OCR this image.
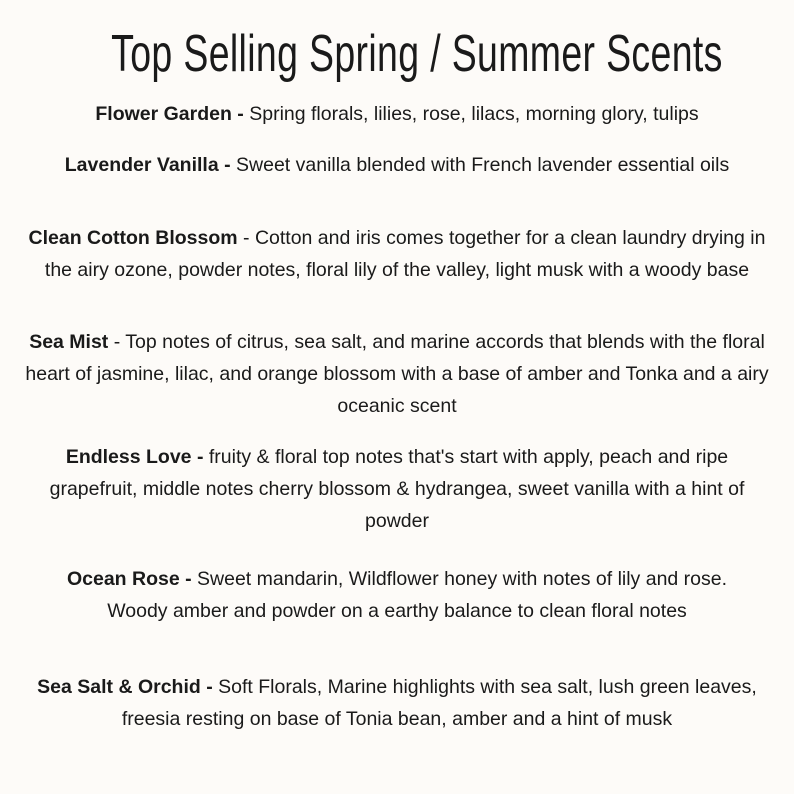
Top Selling Spring / Summer Scents

Flower Garden - Spring florals, lilies, rose, lilacs, morning glory, tulips

Lavender Vanilla - Sweet vanilla blended with French lavender essential oils

Clean Cotton Blossom - Cotton and iris comes together for a clean laundry drying in the airy ozone, powder notes, floral lily of the valley, light musk with a woody base

Sea Mist - Top notes of citrus, sea salt, and marine accords that blends with the floral heart of jasmine, lilac, and orange blossom with a base of amber and Tonka and a airy oceanic scent

Endless Love - fruity & floral top notes that's start with apply, peach and ripe grapefruit, middle notes cherry blossom & hydrangea, sweet vanilla with a hint of powder

Ocean Rose - Sweet mandarin, Wildflower honey with notes of lily and rose. Woody amber and powder on a earthy balance to clean floral notes

Sea Salt & Orchid - Soft Florals, Marine highlights with sea salt, lush green leaves, freesia resting on base of Tonia bean, amber and a hint of musk
